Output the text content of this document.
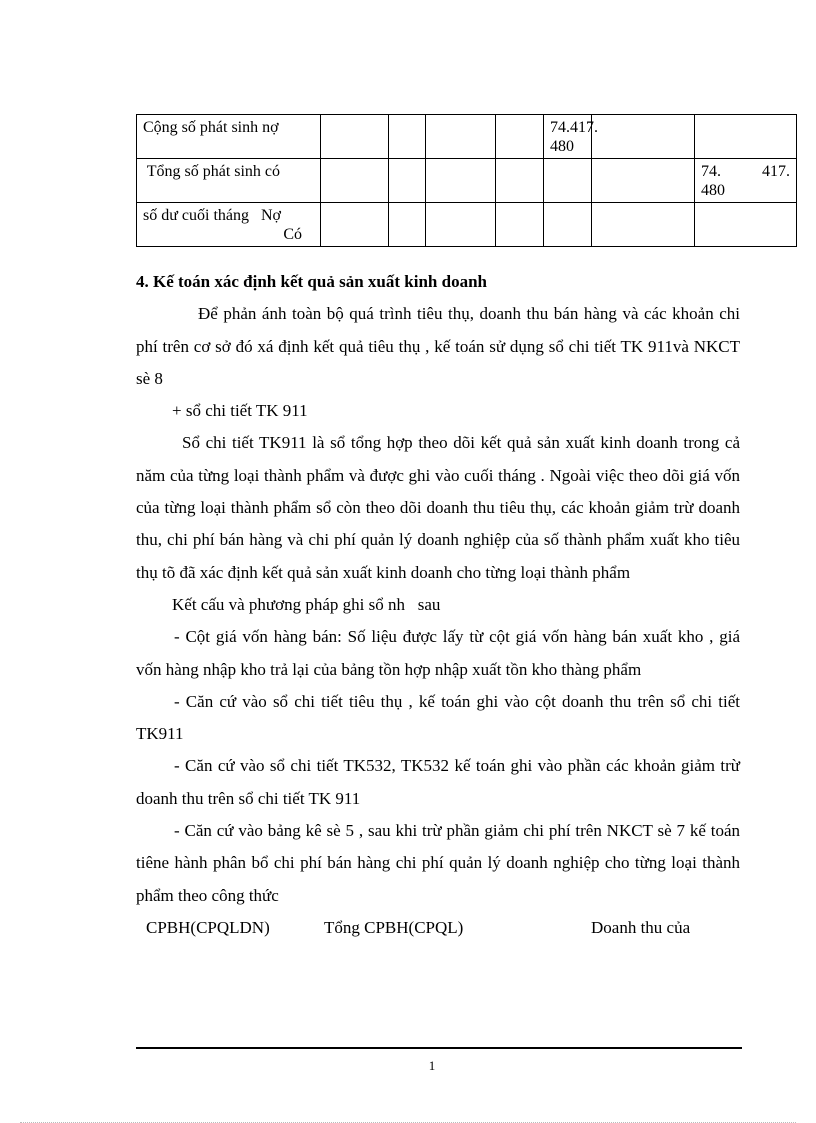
Cộng số phát sinh nợ					74. 417.
480		

Tổng số phát sinh có							74. 417.
480

số dư cuối tháng   Nợ
Có							

4. Kế toán xác định kết quả sản xuất kinh doanh

Để phản ánh toàn bộ quá trình tiêu thụ, doanh thu bán hàng và các khoản chi phí trên cơ sở đó xá định kết quả tiêu thụ , kế toán sử dụng sổ chi tiết TK 911và NKCT sè 8

+ sổ chi tiết TK 911

Sổ chi tiết TK911 là sổ tổng hợp theo dõi kết quả sản xuất kinh doanh trong cả năm của từng loại thành phẩm và được ghi vào cuối tháng . Ngoài việc theo dõi giá vốn của từng loại thành phẩm sổ còn theo dõi doanh thu tiêu thụ, các khoản giảm trừ doanh thu, chi phí bán hàng và chi phí quản lý doanh nghiệp của số thành phẩm xuất kho tiêu thụ tõ đã xác định kết quả sản xuất kinh doanh cho từng loại thành phẩm

Kết cấu và phương pháp ghi sổ nh   sau

- Cột giá vốn hàng bán: Số liệu được lấy từ cột giá vốn hàng bán xuất kho , giá vốn hàng nhập kho trả lại của bảng tồn hợp nhập xuất tồn kho thàng phẩm

- Căn cứ vào sổ chi tiết tiêu thụ , kế toán ghi vào cột doanh thu trên sổ chi tiết TK911

- Căn cứ vào sổ chi tiết TK532, TK532 kế toán ghi vào phần các khoản giảm trừ doanh thu trên sổ chi tiết TK 911

- Căn cứ vào bảng kê sè 5 , sau khi trừ phần giảm chi phí trên NKCT sè 7 kế toán tiêne hành phân bổ chi phí bán hàng chi phí quản lý doanh nghiệp cho từng loại thành phẩm theo công thức

CPBH(CPQLDN)	Tổng CPBH(CPQL)	Doanh thu của
1
